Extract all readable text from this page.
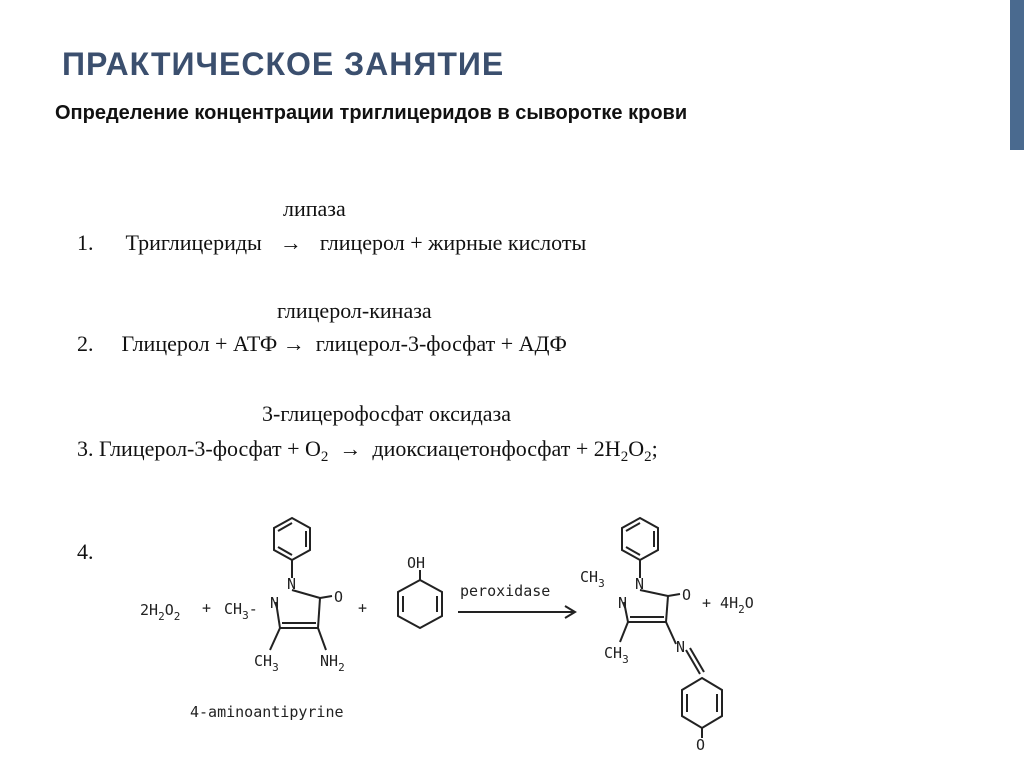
ПРАКТИЧЕСКОЕ ЗАНЯТИЕ

Определение концентрации триглицеридов в сыворотке крови

липаза
1. Триглицериды → глицерол + жирные кислоты
глицерол-киназа
2. Глицерол + АТФ → глицерол-3-фосфат + АДФ
3-глицерофосфат оксидаза
3. Глицерол-3-фосфат + $O_2$ → диоксиацетонфосфат + $2H_2O_2$;
4.
$2H_2O_2 + CH_3-$ N
N
O
$CH_3$	$NH_2$
+
OH
peroxidase
$CH_3$
N
N
O
$CH_3$
N
O
+ $4H_2O$
4-aminoantipyrine
